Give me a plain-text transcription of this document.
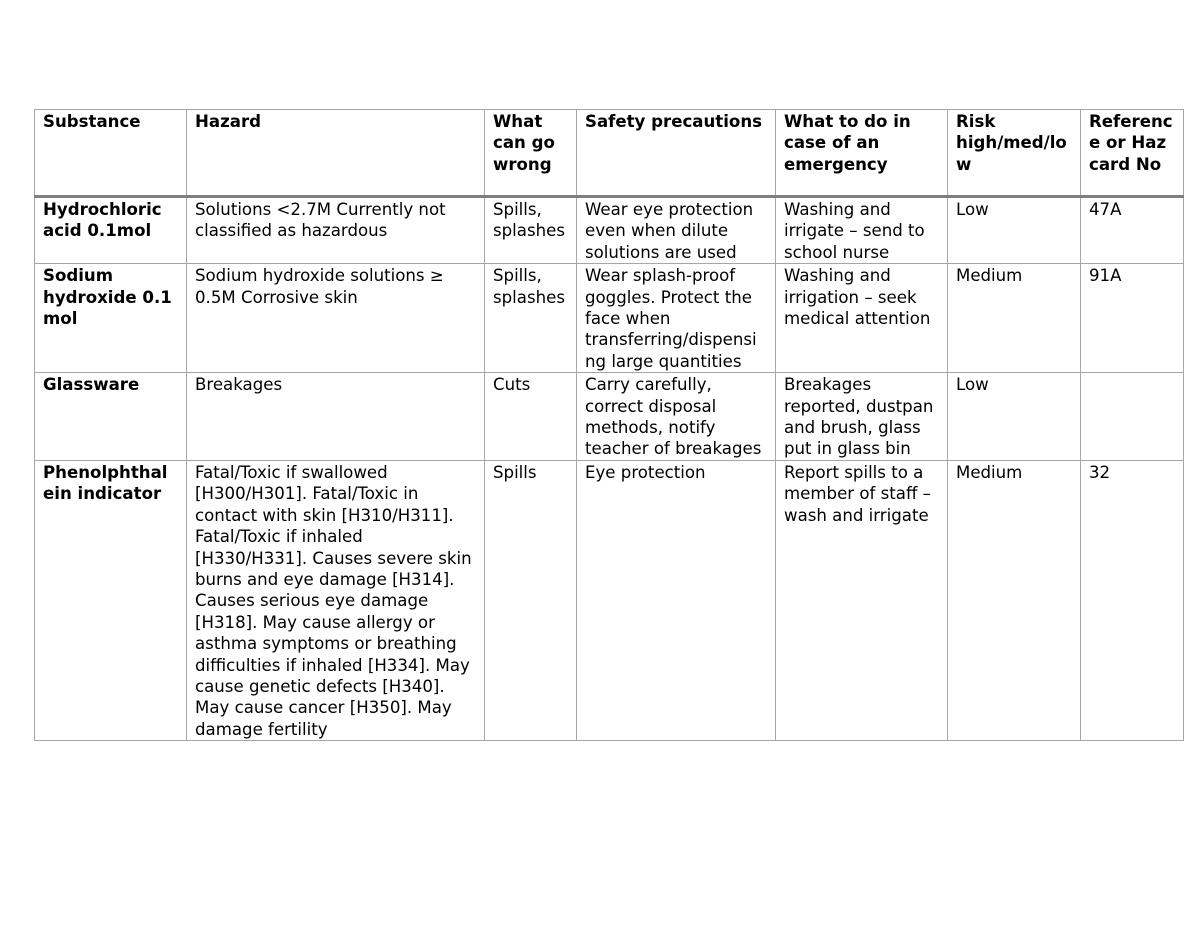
Substance	Hazard	What can go wrong	Safety precautions	What to do in case of an emergency	Risk high/med/low	Reference or Haz card No
Hydrochloric acid 0.1mol	Solutions <2.7M Currently not classified as hazardous	Spills, splashes	Wear eye protection even when dilute solutions are used	Washing and irrigate – send to school nurse	Low	47A
Sodium hydroxide 0.1 mol	Sodium hydroxide solutions ≥ 0.5M Corrosive skin	Spills, splashes	Wear splash-proof goggles. Protect the face when transferring/dispensing large quantities	Washing and irrigation – seek medical attention	Medium	91A
Glassware	Breakages	Cuts	Carry carefully, correct disposal methods, notify teacher of breakages	Breakages reported, dustpan and brush, glass put in glass bin	Low	
Phenolphthalein indicator	Fatal/Toxic if swallowed [H300/H301]. Fatal/Toxic in contact with skin [H310/H311]. Fatal/Toxic if inhaled [H330/H331]. Causes severe skin burns and eye damage [H314]. Causes serious eye damage [H318]. May cause allergy or asthma symptoms or breathing difficulties if inhaled [H334]. May cause genetic defects [H340]. May cause cancer [H350]. May damage fertility	Spills	Eye protection	Report spills to a member of staff – wash and irrigate	Medium	32
